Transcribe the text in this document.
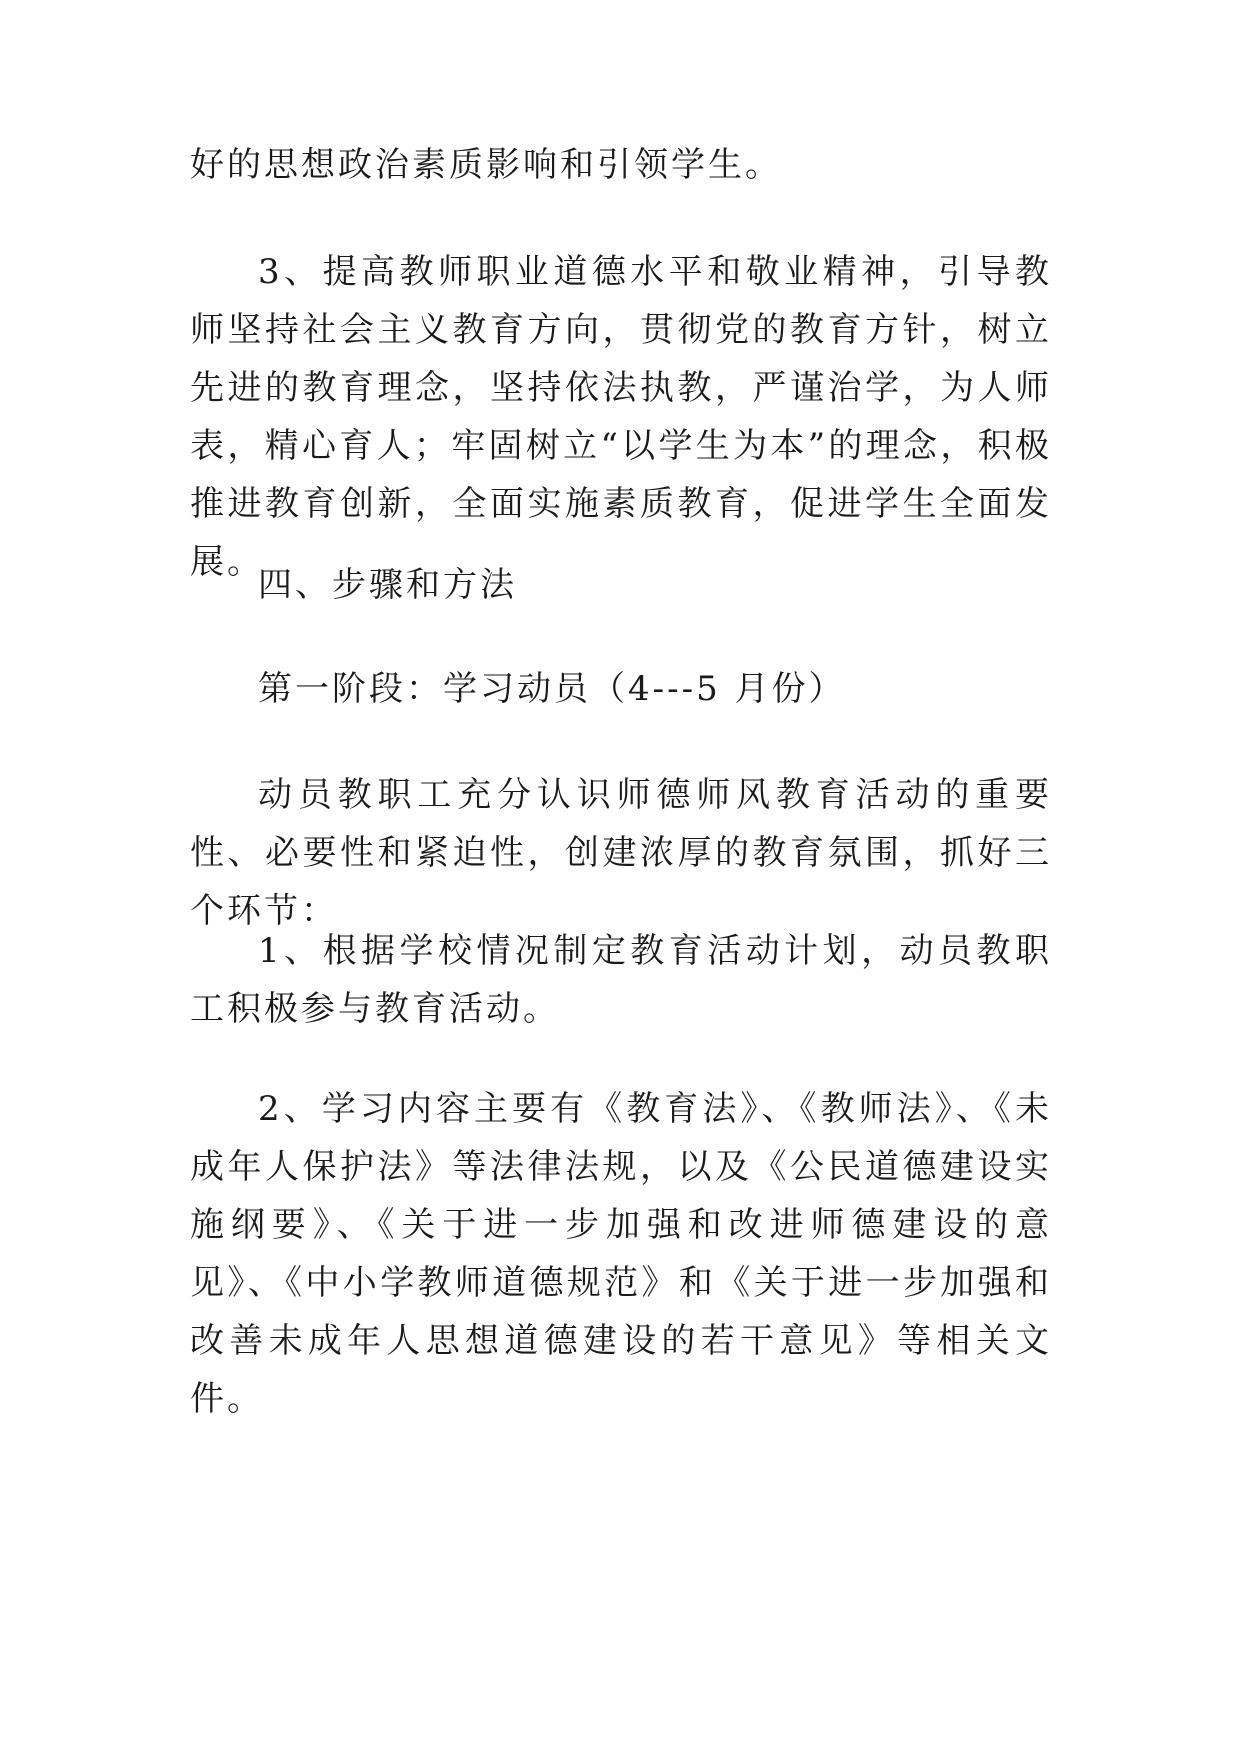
好的思想政治素质影响和引领学生。

3、提高教师职业道德水平和敬业精神，引导教师坚持社会主义教育方向，贯彻党的教育方针，树立先进的教育理念，坚持依法执教，严谨治学，为人师表，精心育人；牢固树立“以学生为本”的理念，积极推进教育创新，全面实施素质教育，促进学生全面发展。

四、步骤和方法

第一阶段：学习动员（4---5 月份）

动员教职工充分认识师德师风教育活动的重要性、必要性和紧迫性，创建浓厚的教育氛围，抓好三个环节：

1、根据学校情况制定教育活动计划，动员教职工积极参与教育活动。

2、学习内容主要有《教育法》、《教师法》、《未成年人保护法》等法律法规，以及《公民道德建设实施纲要》、《关于进一步加强和改进师德建设的意见》、《中小学教师道德规范》和《关于进一步加强和改善未成年人思想道德建设的若干意见》等相关文件。
